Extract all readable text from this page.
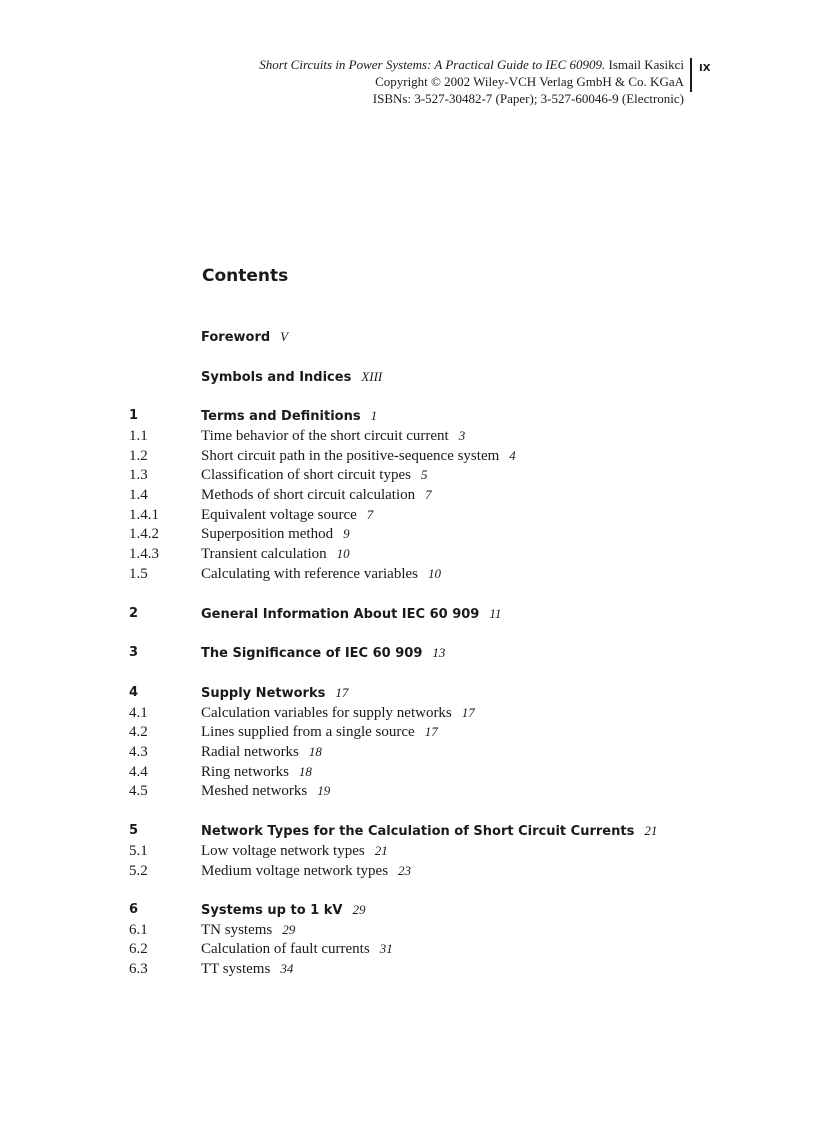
Short Circuits in Power Systems: A Practical Guide to IEC 60909. Ismail Kasikci
Copyright © 2002 Wiley-VCH Verlag GmbH & Co. KGaA
ISBNs: 3-527-30482-7 (Paper); 3-527-60046-9 (Electronic)
IX
Contents
Foreword V
Symbols and Indices XIII
1	Terms and Definitions 1
1.1	Time behavior of the short circuit current 3
1.2	Short circuit path in the positive-sequence system 4
1.3	Classification of short circuit types 5
1.4	Methods of short circuit calculation 7
1.4.1	Equivalent voltage source 7
1.4.2	Superposition method 9
1.4.3	Transient calculation 10
1.5	Calculating with reference variables 10
2	General Information About IEC 60 909 11
3	The Significance of IEC 60 909 13
4	Supply Networks 17
4.1	Calculation variables for supply networks 17
4.2	Lines supplied from a single source 17
4.3	Radial networks 18
4.4	Ring networks 18
4.5	Meshed networks 19
5	Network Types for the Calculation of Short Circuit Currents 21
5.1	Low voltage network types 21
5.2	Medium voltage network types 23
6	Systems up to 1 kV 29
6.1	TN systems 29
6.2	Calculation of fault currents 31
6.3	TT systems 34
